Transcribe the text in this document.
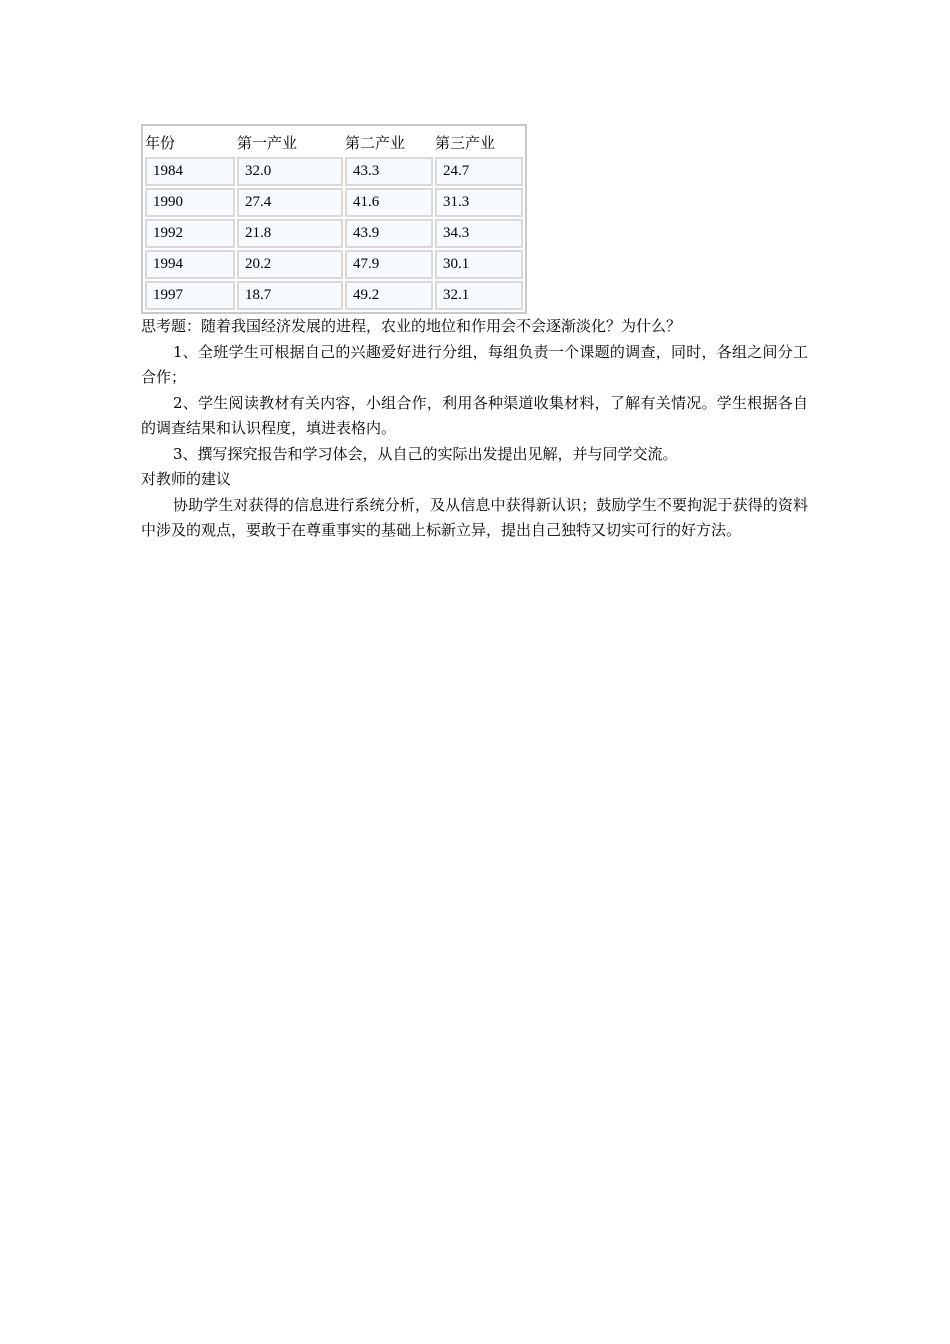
年份	第一产业	第二产业	第三产业
1984	32.0	43.3	24.7
1990	27.4	41.6	31.3
1992	21.8	43.9	34.3
1994	20.2	47.9	30.1
1997	18.7	49.2	32.1

思考题：随着我国经济发展的进程，农业的地位和作用会不会逐渐淡化？为什么？

1、全班学生可根据自己的兴趣爱好进行分组，每组负责一个课题的调查，同时，各组之间分工合作；

2、学生阅读教材有关内容，小组合作，利用各种渠道收集材料，了解有关情况。学生根据各自的调查结果和认识程度，填进表格内。

3、撰写探究报告和学习体会，从自己的实际出发提出见解，并与同学交流。

对教师的建议

协助学生对获得的信息进行系统分析，及从信息中获得新认识；鼓励学生不要拘泥于获得的资料中涉及的观点，要敢于在尊重事实的基础上标新立异，提出自己独特又切实可行的好方法。
